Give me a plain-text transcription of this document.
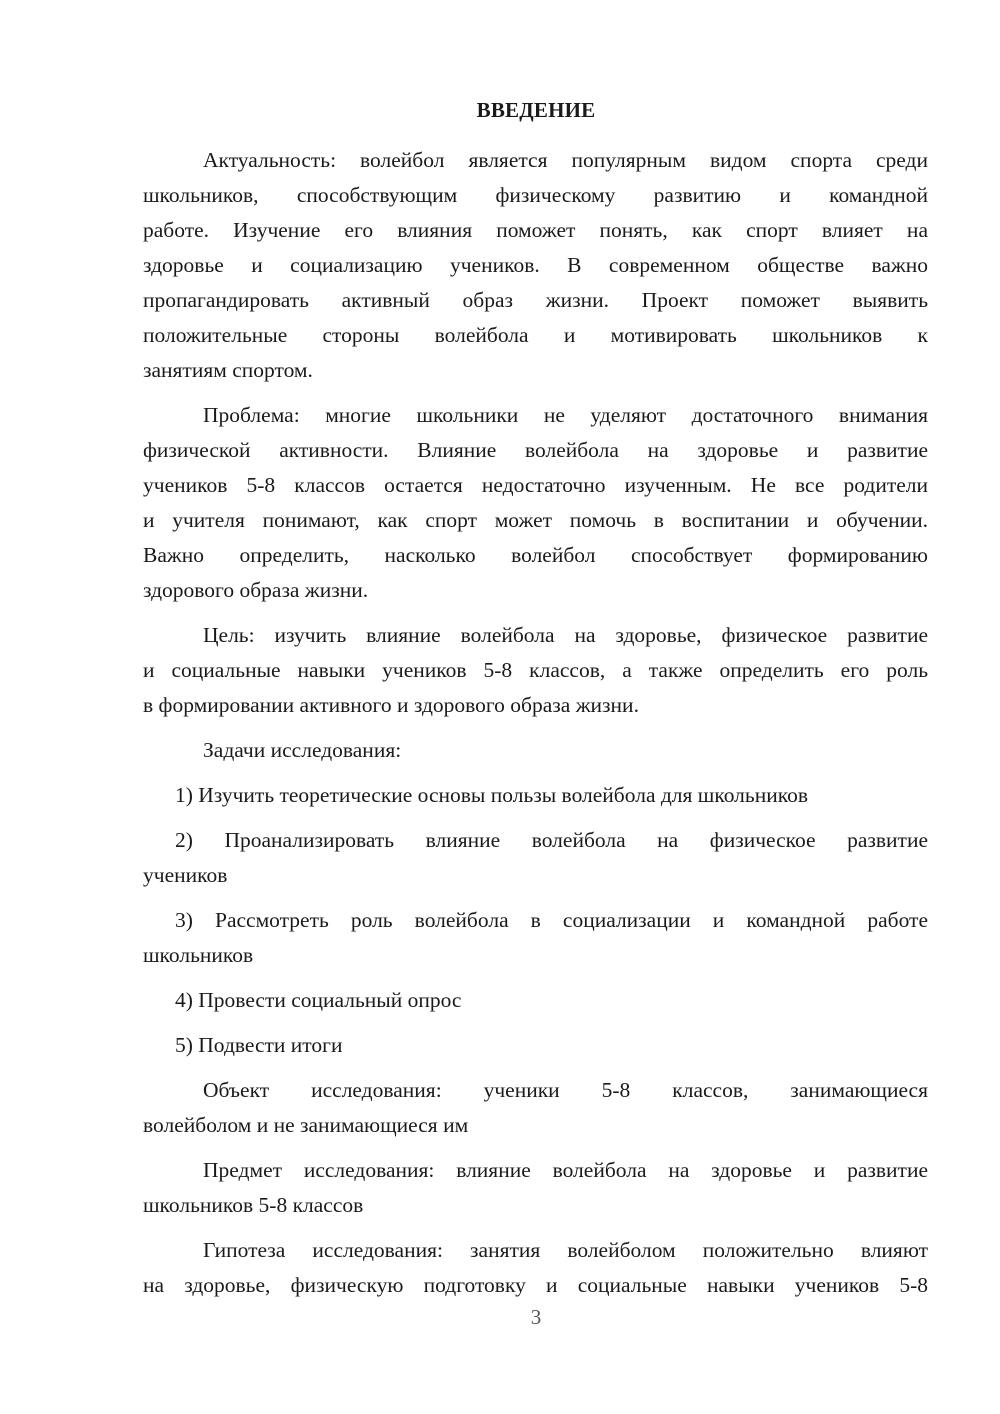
ВВЕДЕНИЕ
Актуальность: волейбол является популярным видом спорта среди
школьников, способствующим физическому развитию и командной
работе. Изучение его влияния поможет понять, как спорт влияет на
здоровье и социализацию учеников. В современном обществе важно
пропагандировать активный образ жизни. Проект поможет выявить
положительные стороны волейбола и мотивировать школьников к
занятиям спортом.
Проблема: многие школьники не уделяют достаточного внимания
физической активности. Влияние волейбола на здоровье и развитие
учеников 5-8 классов остается недостаточно изученным. Не все родители
и учителя понимают, как спорт может помочь в воспитании и обучении.
Важно определить, насколько волейбол способствует формированию
здорового образа жизни.
Цель: изучить влияние волейбола на здоровье, физическое развитие
и социальные навыки учеников 5-8 классов, а также определить его роль
в формировании активного и здорового образа жизни.
Задачи исследования:
1) Изучить теоретические основы пользы волейбола для школьников
2) Проанализировать влияние волейбола на физическое развитие
учеников
3) Рассмотреть роль волейбола в социализации и командной работе
школьников
4) Провести социальный опрос
5) Подвести итоги
Объект исследования: ученики 5-8 классов, занимающиеся
волейболом и не занимающиеся им
Предмет исследования: влияние волейбола на здоровье и развитие
школьников 5-8 классов
Гипотеза исследования: занятия волейболом положительно влияют
на здоровье, физическую подготовку и социальные навыки учеников 5-8
3
